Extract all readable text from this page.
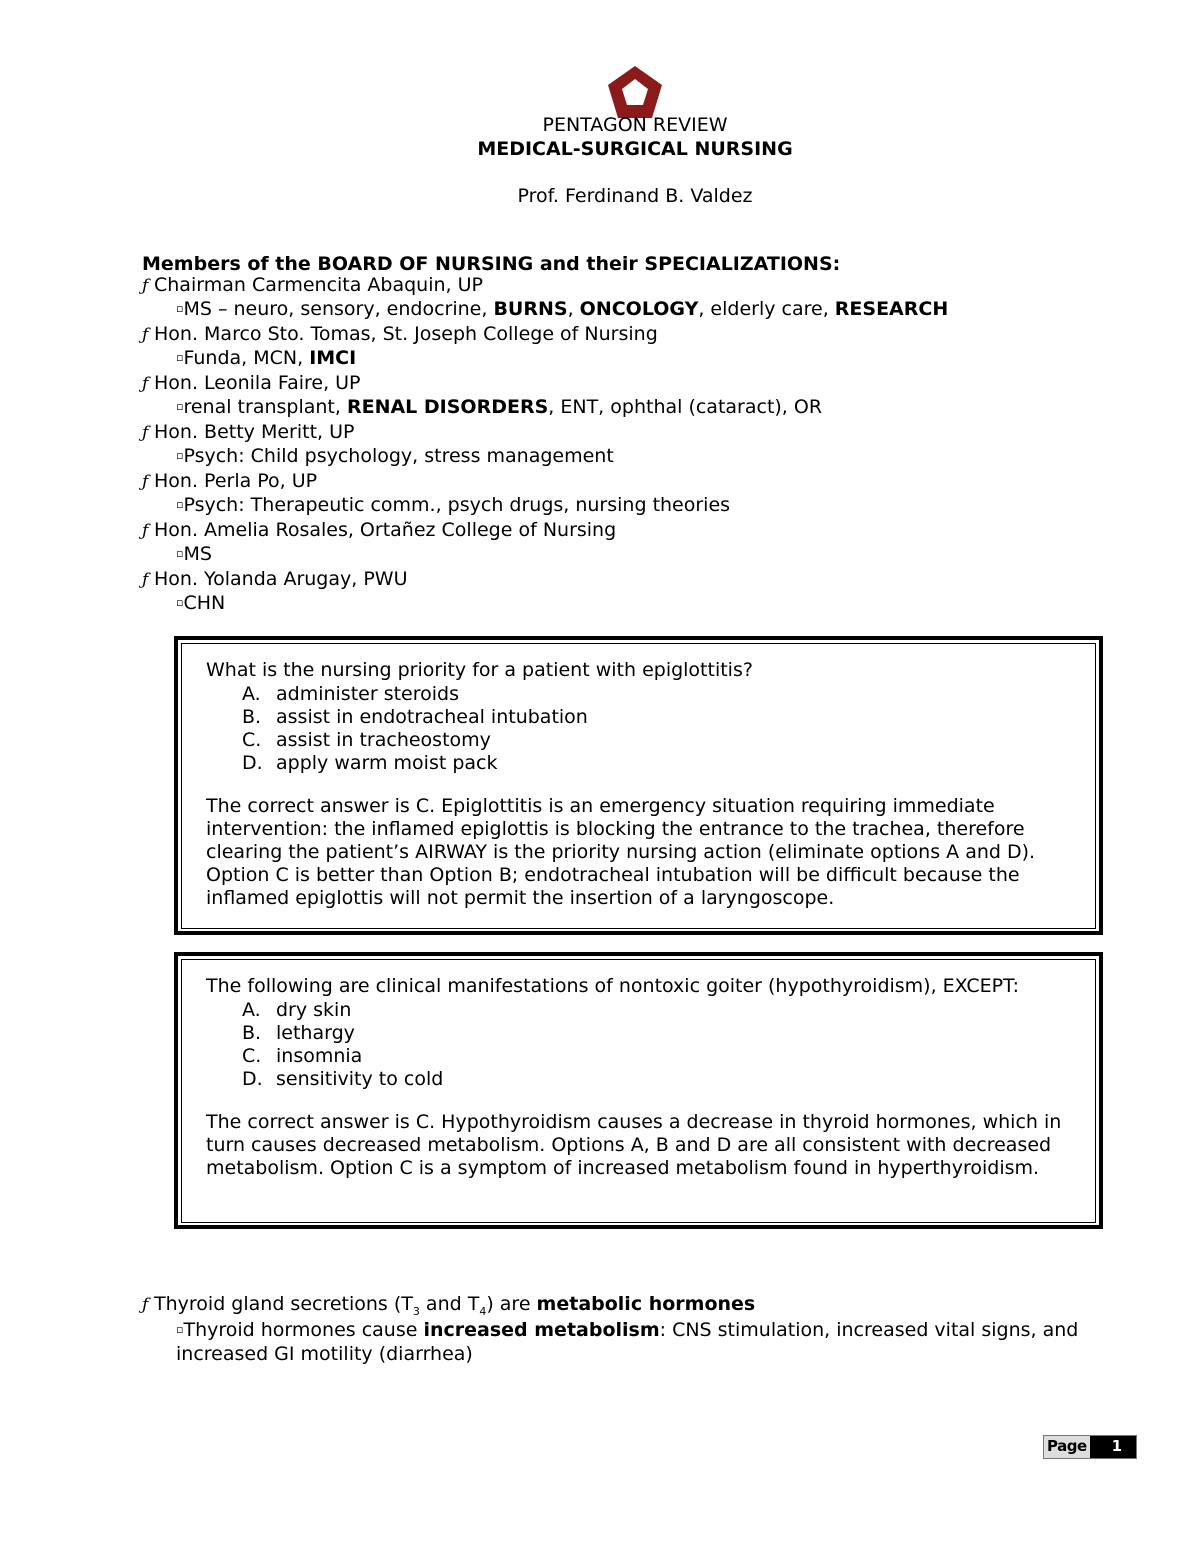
PENTAGON REVIEW
MEDICAL-SURGICAL NURSING
Prof. Ferdinand B. Valdez
Members of the BOARD OF NURSING and their SPECIALIZATIONS:
ƒ Chairman Carmencita Abaquin, UP
▫MS – neuro, sensory, endocrine, BURNS, ONCOLOGY, elderly care, RESEARCH
ƒ Hon. Marco Sto. Tomas, St. Joseph College of Nursing
▫Funda, MCN, IMCI
ƒ Hon. Leonila Faire, UP
▫renal transplant, RENAL DISORDERS, ENT, ophthal (cataract), OR
ƒ Hon. Betty Meritt, UP
▫Psych: Child psychology, stress management
ƒ Hon. Perla Po, UP
▫Psych: Therapeutic comm., psych drugs, nursing theories
ƒ Hon. Amelia Rosales, Ortañez College of Nursing
▫MS
ƒ Hon. Yolanda Arugay, PWU
▫CHN
What is the nursing priority for a patient with epiglottitis?
A. administer steroids
B. assist in endotracheal intubation
C. assist in tracheostomy
D. apply warm moist pack
The correct answer is C. Epiglottitis is an emergency situation requiring immediate intervention: the inflamed epiglottis is blocking the entrance to the trachea, therefore clearing the patient’s AIRWAY is the priority nursing action (eliminate options A and D). Option C is better than Option B; endotracheal intubation will be difficult because the inflamed epiglottis will not permit the insertion of a laryngoscope.
The following are clinical manifestations of nontoxic goiter (hypothyroidism), EXCEPT:
A. dry skin
B. lethargy
C. insomnia
D. sensitivity to cold
The correct answer is C. Hypothyroidism causes a decrease in thyroid hormones, which in turn causes decreased metabolism. Options A, B and D are all consistent with decreased metabolism. Option C is a symptom of increased metabolism found in hyperthyroidism.
ƒ Thyroid gland secretions ($T_3$ and $T_4$) are metabolic hormones
▫Thyroid hormones cause increased metabolism: CNS stimulation, increased vital signs, and increased GI motility (diarrhea)
Page	1
